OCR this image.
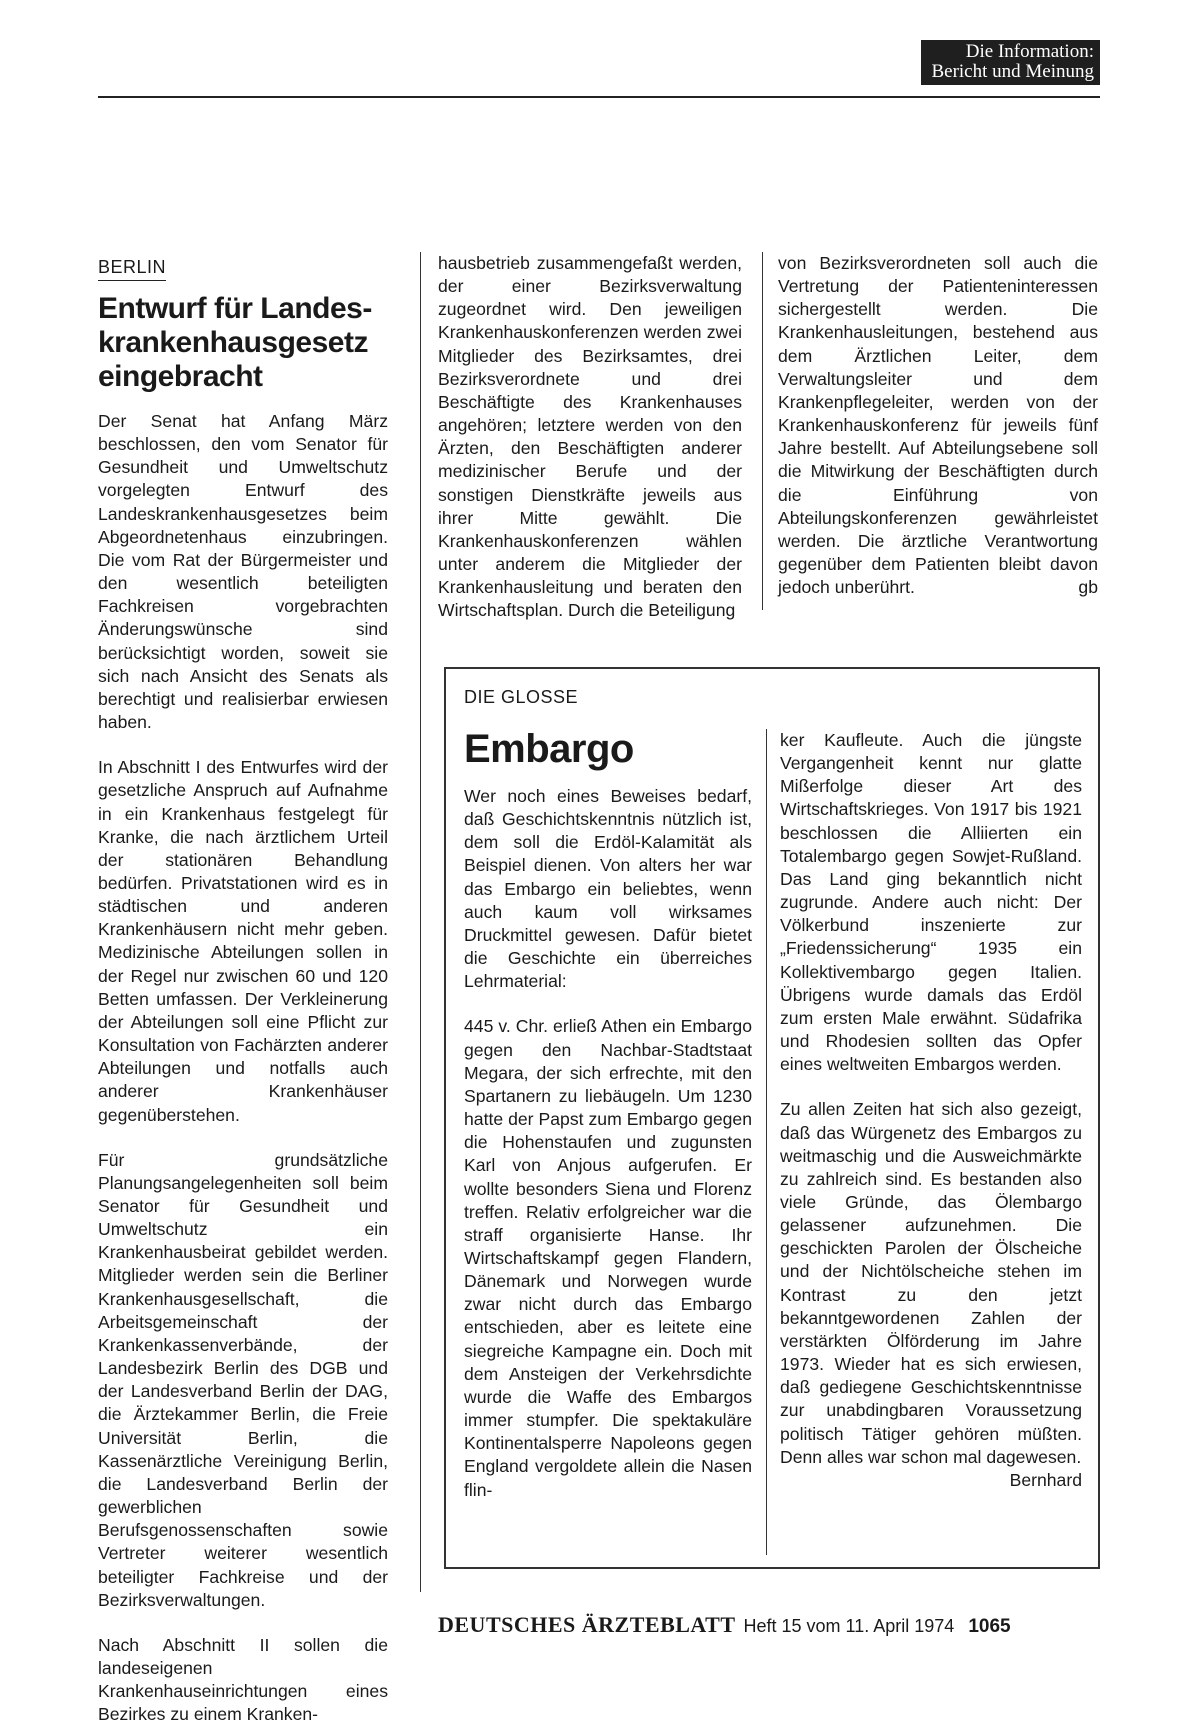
Die Information:
Bericht und Meinung
BERLIN
Entwurf für Landes-krankenhausgesetz eingebracht

Der Senat hat Anfang März beschlossen, den vom Senator für Gesundheit und Umweltschutz vorgelegten Entwurf des Landeskrankenhausgesetzes beim Abgeordnetenhaus einzubringen. Die vom Rat der Bürgermeister und den wesentlich beteiligten Fachkreisen vorgebrachten Änderungswünsche sind berücksichtigt worden, soweit sie sich nach Ansicht des Senats als berechtigt und realisierbar erwiesen haben.

In Abschnitt I des Entwurfes wird der gesetzliche Anspruch auf Aufnahme in ein Krankenhaus festgelegt für Kranke, die nach ärztlichem Urteil der stationären Behandlung bedürfen. Privatstationen wird es in städtischen und anderen Krankenhäusern nicht mehr geben. Medizinische Abteilungen sollen in der Regel nur zwischen 60 und 120 Betten umfassen. Der Verkleinerung der Abteilungen soll eine Pflicht zur Konsultation von Fachärzten anderer Abteilungen und notfalls auch anderer Krankenhäuser gegenüberstehen.

Für grundsätzliche Planungsangelegenheiten soll beim Senator für Gesundheit und Umweltschutz ein Krankenhausbeirat gebildet werden. Mitglieder werden sein die Berliner Krankenhausgesellschaft, die Arbeitsgemeinschaft der Krankenkassenverbände, der Landesbezirk Berlin des DGB und der Landesverband Berlin der DAG, die Ärztekammer Berlin, die Freie Universität Berlin, die Kassenärztliche Vereinigung Berlin, die Landesverband Berlin der gewerblichen Berufsgenossenschaften sowie Vertreter weiterer wesentlich beteiligter Fachkreise und der Bezirksverwaltungen.

Nach Abschnitt II sollen die landeseigenen Krankenhauseinrichtungen eines Bezirkes zu einem Kranken-

hausbetrieb zusammengefaßt werden, der einer Bezirksverwaltung zugeordnet wird. Den jeweiligen Krankenhauskonferenzen werden zwei Mitglieder des Bezirksamtes, drei Bezirksverordnete und drei Beschäftigte des Krankenhauses angehören; letztere werden von den Ärzten, den Beschäftigten anderer medizinischer Berufe und der sonstigen Dienstkräfte jeweils aus ihrer Mitte gewählt. Die Krankenhauskonferenzen wählen unter anderem die Mitglieder der Krankenhausleitung und beraten den Wirtschaftsplan. Durch die Beteiligung

von Bezirksverordneten soll auch die Vertretung der Patienteninteressen sichergestellt werden. Die Krankenhausleitungen, bestehend aus dem Ärztlichen Leiter, dem Verwaltungsleiter und dem Krankenpflegeleiter, werden von der Krankenhauskonferenz für jeweils fünf Jahre bestellt. Auf Abteilungsebene soll die Mitwirkung der Beschäftigten durch die Einführung von Abteilungskonferenzen gewährleistet werden. Die ärztliche Verantwortung gegenüber dem Patienten bleibt davon jedoch unberührt.	gb

DIE GLOSSE
Embargo

Wer noch eines Beweises bedarf, daß Geschichtskenntnis nützlich ist, dem soll die Erdöl-Kalamität als Beispiel dienen. Von alters her war das Embargo ein beliebtes, wenn auch kaum voll wirksames Druckmittel gewesen. Dafür bietet die Geschichte ein überreiches Lehrmaterial:

445 v. Chr. erließ Athen ein Embargo gegen den Nachbar-Stadtstaat Megara, der sich erfrechte, mit den Spartanern zu liebäugeln. Um 1230 hatte der Papst zum Embargo gegen die Hohenstaufen und zugunsten Karl von Anjous aufgerufen. Er wollte besonders Siena und Florenz treffen. Relativ erfolgreicher war die straff organisierte Hanse. Ihr Wirtschaftskampf gegen Flandern, Dänemark und Norwegen wurde zwar nicht durch das Embargo entschieden, aber es leitete eine siegreiche Kampagne ein. Doch mit dem Ansteigen der Verkehrsdichte wurde die Waffe des Embargos immer stumpfer. Die spektakuläre Kontinentalsperre Napoleons gegen England vergoldete allein die Nasen flin-

ker Kaufleute. Auch die jüngste Vergangenheit kennt nur glatte Mißerfolge dieser Art des Wirtschaftskrieges. Von 1917 bis 1921 beschlossen die Alliierten ein Totalembargo gegen Sowjet-Rußland. Das Land ging bekanntlich nicht zugrunde. Andere auch nicht: Der Völkerbund inszenierte zur „Friedenssicherung“ 1935 ein Kollektivembargo gegen Italien. Übrigens wurde damals das Erdöl zum ersten Male erwähnt. Südafrika und Rhodesien sollten das Opfer eines weltweiten Embargos werden.

Zu allen Zeiten hat sich also gezeigt, daß das Würgenetz des Embargos zu weitmaschig und die Ausweichmärkte zu zahlreich sind. Es bestanden also viele Gründe, das Ölembargo gelassener aufzunehmen. Die geschickten Parolen der Ölscheiche und der Nichtölscheiche stehen im Kontrast zu den jetzt bekanntgewordenen Zahlen der verstärkten Ölförderung im Jahre 1973. Wieder hat es sich erwiesen, daß gediegene Geschichtskenntnisse zur unabdingbaren Voraussetzung politisch Tätiger gehören müßten. Denn alles war schon mal dagewesen.
Bernhard

DEUTSCHES ÄRZTEBLATT Heft 15 vom 11. April 1974 1065
